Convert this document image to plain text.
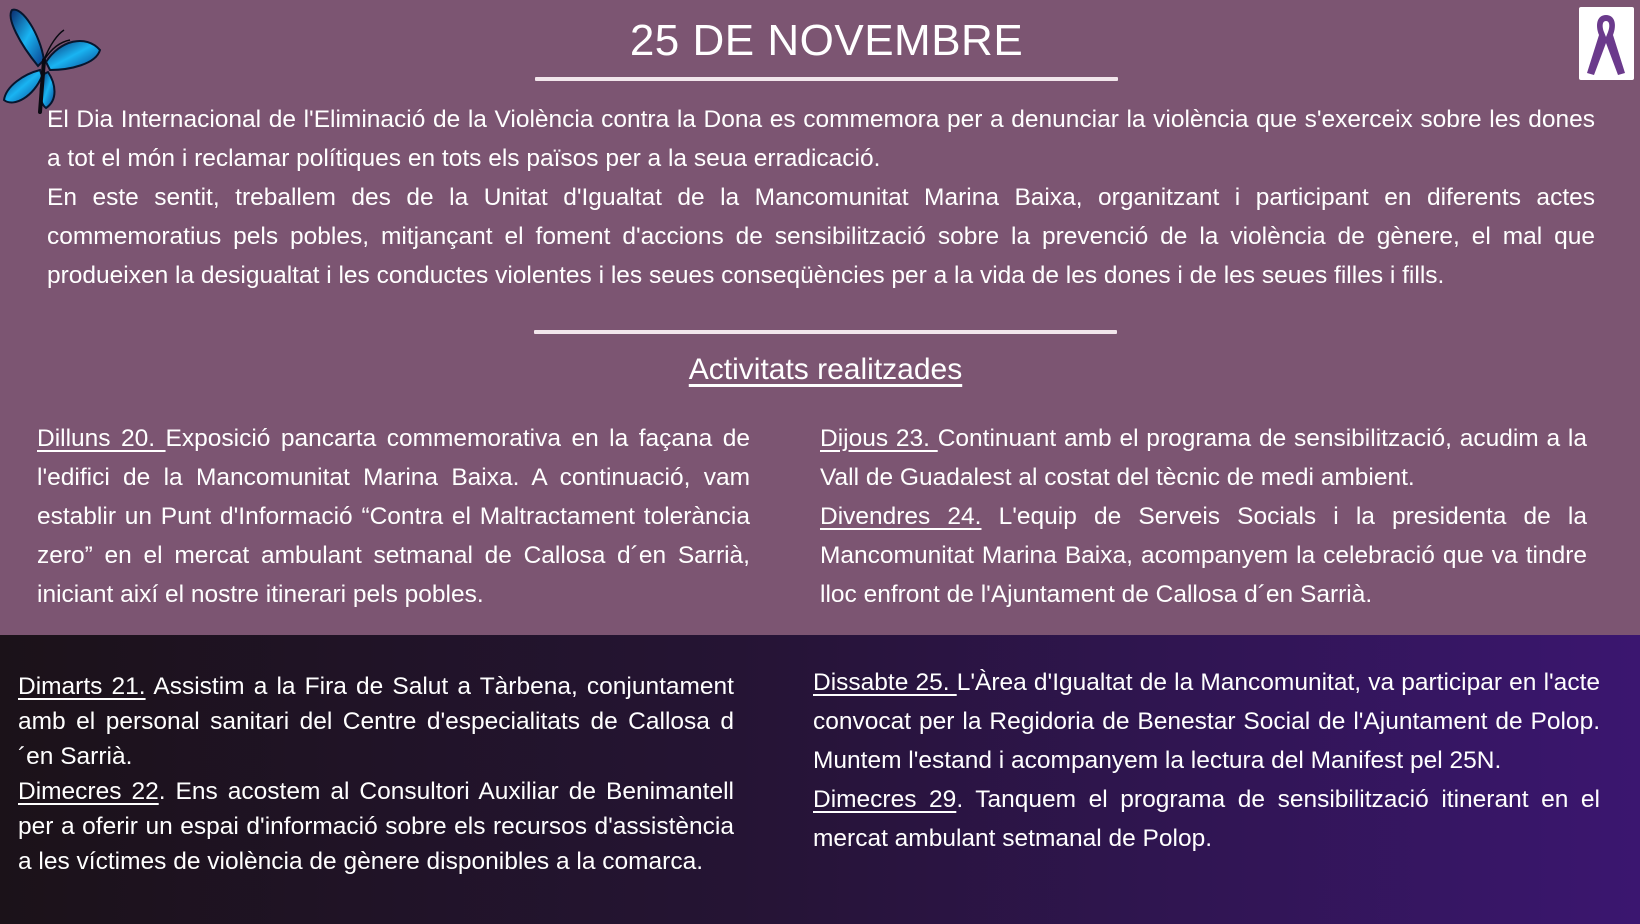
25 DE NOVEMBRE

El Dia Internacional de l'Eliminació de la Violència contra la Dona es commemora per a denunciar la violència que s'exerceix sobre les dones a tot el món i reclamar polítiques en tots els països per a la seua erradicació.

En este sentit, treballem des de la Unitat d'Igualtat de la Mancomunitat Marina Baixa, organitzant i participant en diferents actes commemoratius pels pobles, mitjançant el foment d'accions de sensibilització sobre la prevenció de la violència de gènere, el mal que produeixen la desigualtat i les conductes violentes i les seues conseqüències per a la vida de les dones i de les seues filles i fills.

Activitats realitzades

Dilluns 20. Exposició pancarta commemorativa en la façana de l'edifici de la Mancomunitat Marina Baixa. A continuació, vam establir un Punt d'Informació “Contra el Maltractament tolerància zero” en el mercat ambulant setmanal de Callosa d´en Sarrià, iniciant així el nostre itinerari pels pobles.

Dijous 23. Continuant amb el programa de sensibilització, acudim a la Vall de Guadalest al costat del tècnic de medi ambient.

Divendres 24. L'equip de Serveis Socials i la presidenta de la Mancomunitat Marina Baixa, acompanyem la celebració que va tindre lloc enfront de l'Ajuntament de Callosa d´en Sarrià.

Dimarts 21. Assistim a la Fira de Salut a Tàrbena, conjuntament amb el personal sanitari del Centre d'especialitats de Callosa d´en Sarrià.

Dimecres 22. Ens acostem al Consultori Auxiliar de Benimantell per a oferir un espai d'informació sobre els recursos d'assistència a les víctimes de violència de gènere disponibles a la comarca.

Dissabte 25. L'Àrea d'Igualtat de la Mancomunitat, va participar en l'acte convocat per la Regidoria de Benestar Social de l'Ajuntament de Polop. Muntem l'estand i acompanyem la lectura del Manifest pel 25N.

Dimecres 29. Tanquem el programa de sensibilització itinerant en el mercat ambulant setmanal de Polop.
